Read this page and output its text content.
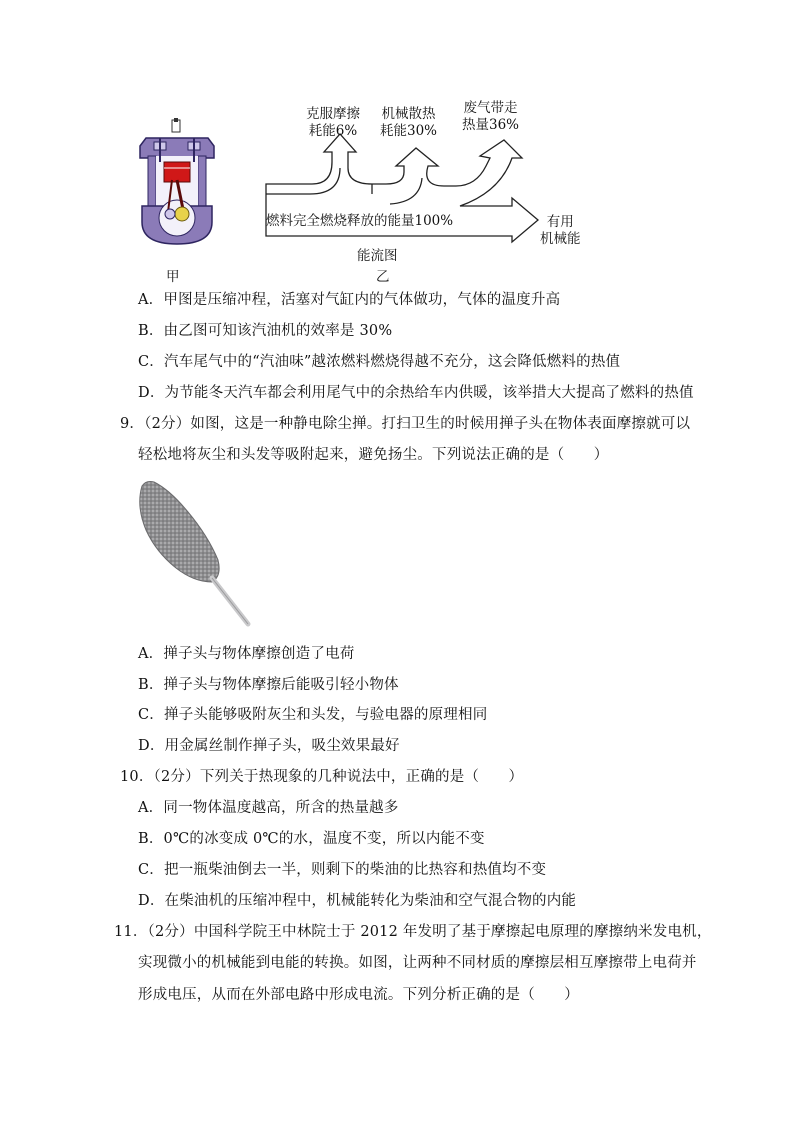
克服摩擦
耗能6%
机械散热
耗能30%
废气带走
热量36%
燃料完全燃烧释放的能量100%	有用
机械能
能流图
甲	乙
A．甲图是压缩冲程，活塞对气缸内的气体做功，气体的温度升高
B．由乙图可知该汽油机的效率是 30%
C．汽车尾气中的“汽油味”越浓燃料燃烧得越不充分，这会降低燃料的热值
D．为节能冬天汽车都会利用尾气中的余热给车内供暖，该举措大大提高了燃料的热值
9．（2分）如图，这是一种静电除尘掸。打扫卫生的时候用掸子头在物体表面摩擦就可以
轻松地将灰尘和头发等吸附起来，避免扬尘。下列说法正确的是（　　）
A．掸子头与物体摩擦创造了电荷
B．掸子头与物体摩擦后能吸引轻小物体
C．掸子头能够吸附灰尘和头发，与验电器的原理相同
D．用金属丝制作掸子头，吸尘效果最好
10．（2分）下列关于热现象的几种说法中，正确的是（　　）
A．同一物体温度越高，所含的热量越多
B．0℃的冰变成 0℃的水，温度不变，所以内能不变
C．把一瓶柴油倒去一半，则剩下的柴油的比热容和热值均不变
D．在柴油机的压缩冲程中，机械能转化为柴油和空气混合物的内能
11．（2分）中国科学院王中林院士于 2012 年发明了基于摩擦起电原理的摩擦纳米发电机，
实现微小的机械能到电能的转换。如图，让两种不同材质的摩擦层相互摩擦带上电荷并
形成电压，从而在外部电路中形成电流。下列分析正确的是（　　）
